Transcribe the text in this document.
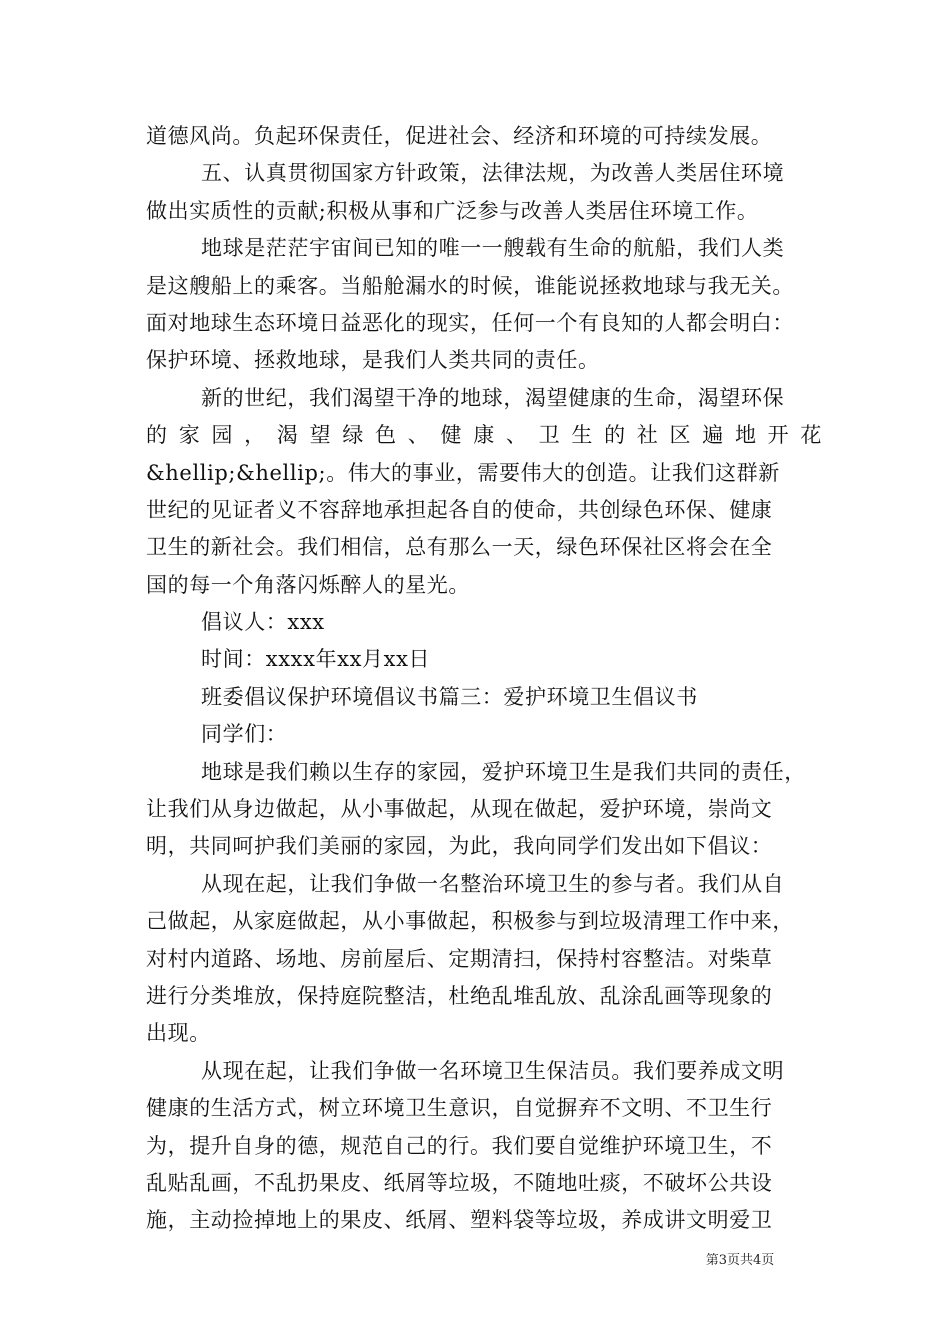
道德风尚。负起环保责任，促进社会、经济和环境的可持续发展。
五、认真贯彻国家方针政策，法律法规，为改善人类居住环境
做出实质性的贡献;积极从事和广泛参与改善人类居住环境工作。
地球是茫茫宇宙间已知的唯一一艘载有生命的航船，我们人类
是这艘船上的乘客。当船舱漏水的时候，谁能说拯救地球与我无关。
面对地球生态环境日益恶化的现实，任何一个有良知的人都会明白：
保护环境、拯救地球，是我们人类共同的责任。
新的世纪，我们渴望干净的地球，渴望健康的生命，渴望环保
的 家 园 ， 渴 望 绿 色 、 健 康 、 卫 生 的 社 区 遍 地 开 花
&hellip;&hellip;。伟大的事业，需要伟大的创造。让我们这群新
世纪的见证者义不容辞地承担起各自的使命，共创绿色环保、健康
卫生的新社会。我们相信，总有那么一天，绿色环保社区将会在全
国的每一个角落闪烁醉人的星光。
倡议人：xxx
时间：xxxx年xx月xx日
班委倡议保护环境倡议书篇三：爱护环境卫生倡议书
同学们：
地球是我们赖以生存的家园，爱护环境卫生是我们共同的责任，
让我们从身边做起，从小事做起，从现在做起，爱护环境，崇尚文
明，共同呵护我们美丽的家园，为此，我向同学们发出如下倡议：
从现在起，让我们争做一名整治环境卫生的参与者。我们从自
己做起，从家庭做起，从小事做起，积极参与到垃圾清理工作中来，
对村内道路、场地、房前屋后、定期清扫，保持村容整洁。对柴草
进行分类堆放，保持庭院整洁，杜绝乱堆乱放、乱涂乱画等现象的
出现。
从现在起，让我们争做一名环境卫生保洁员。我们要养成文明
健康的生活方式，树立环境卫生意识，自觉摒弃不文明、不卫生行
为，提升自身的德，规范自己的行。我们要自觉维护环境卫生，不
乱贴乱画，不乱扔果皮、纸屑等垃圾，不随地吐痰，不破坏公共设
施，主动捡掉地上的果皮、纸屑、塑料袋等垃圾，养成讲文明爱卫
第3页共4页
